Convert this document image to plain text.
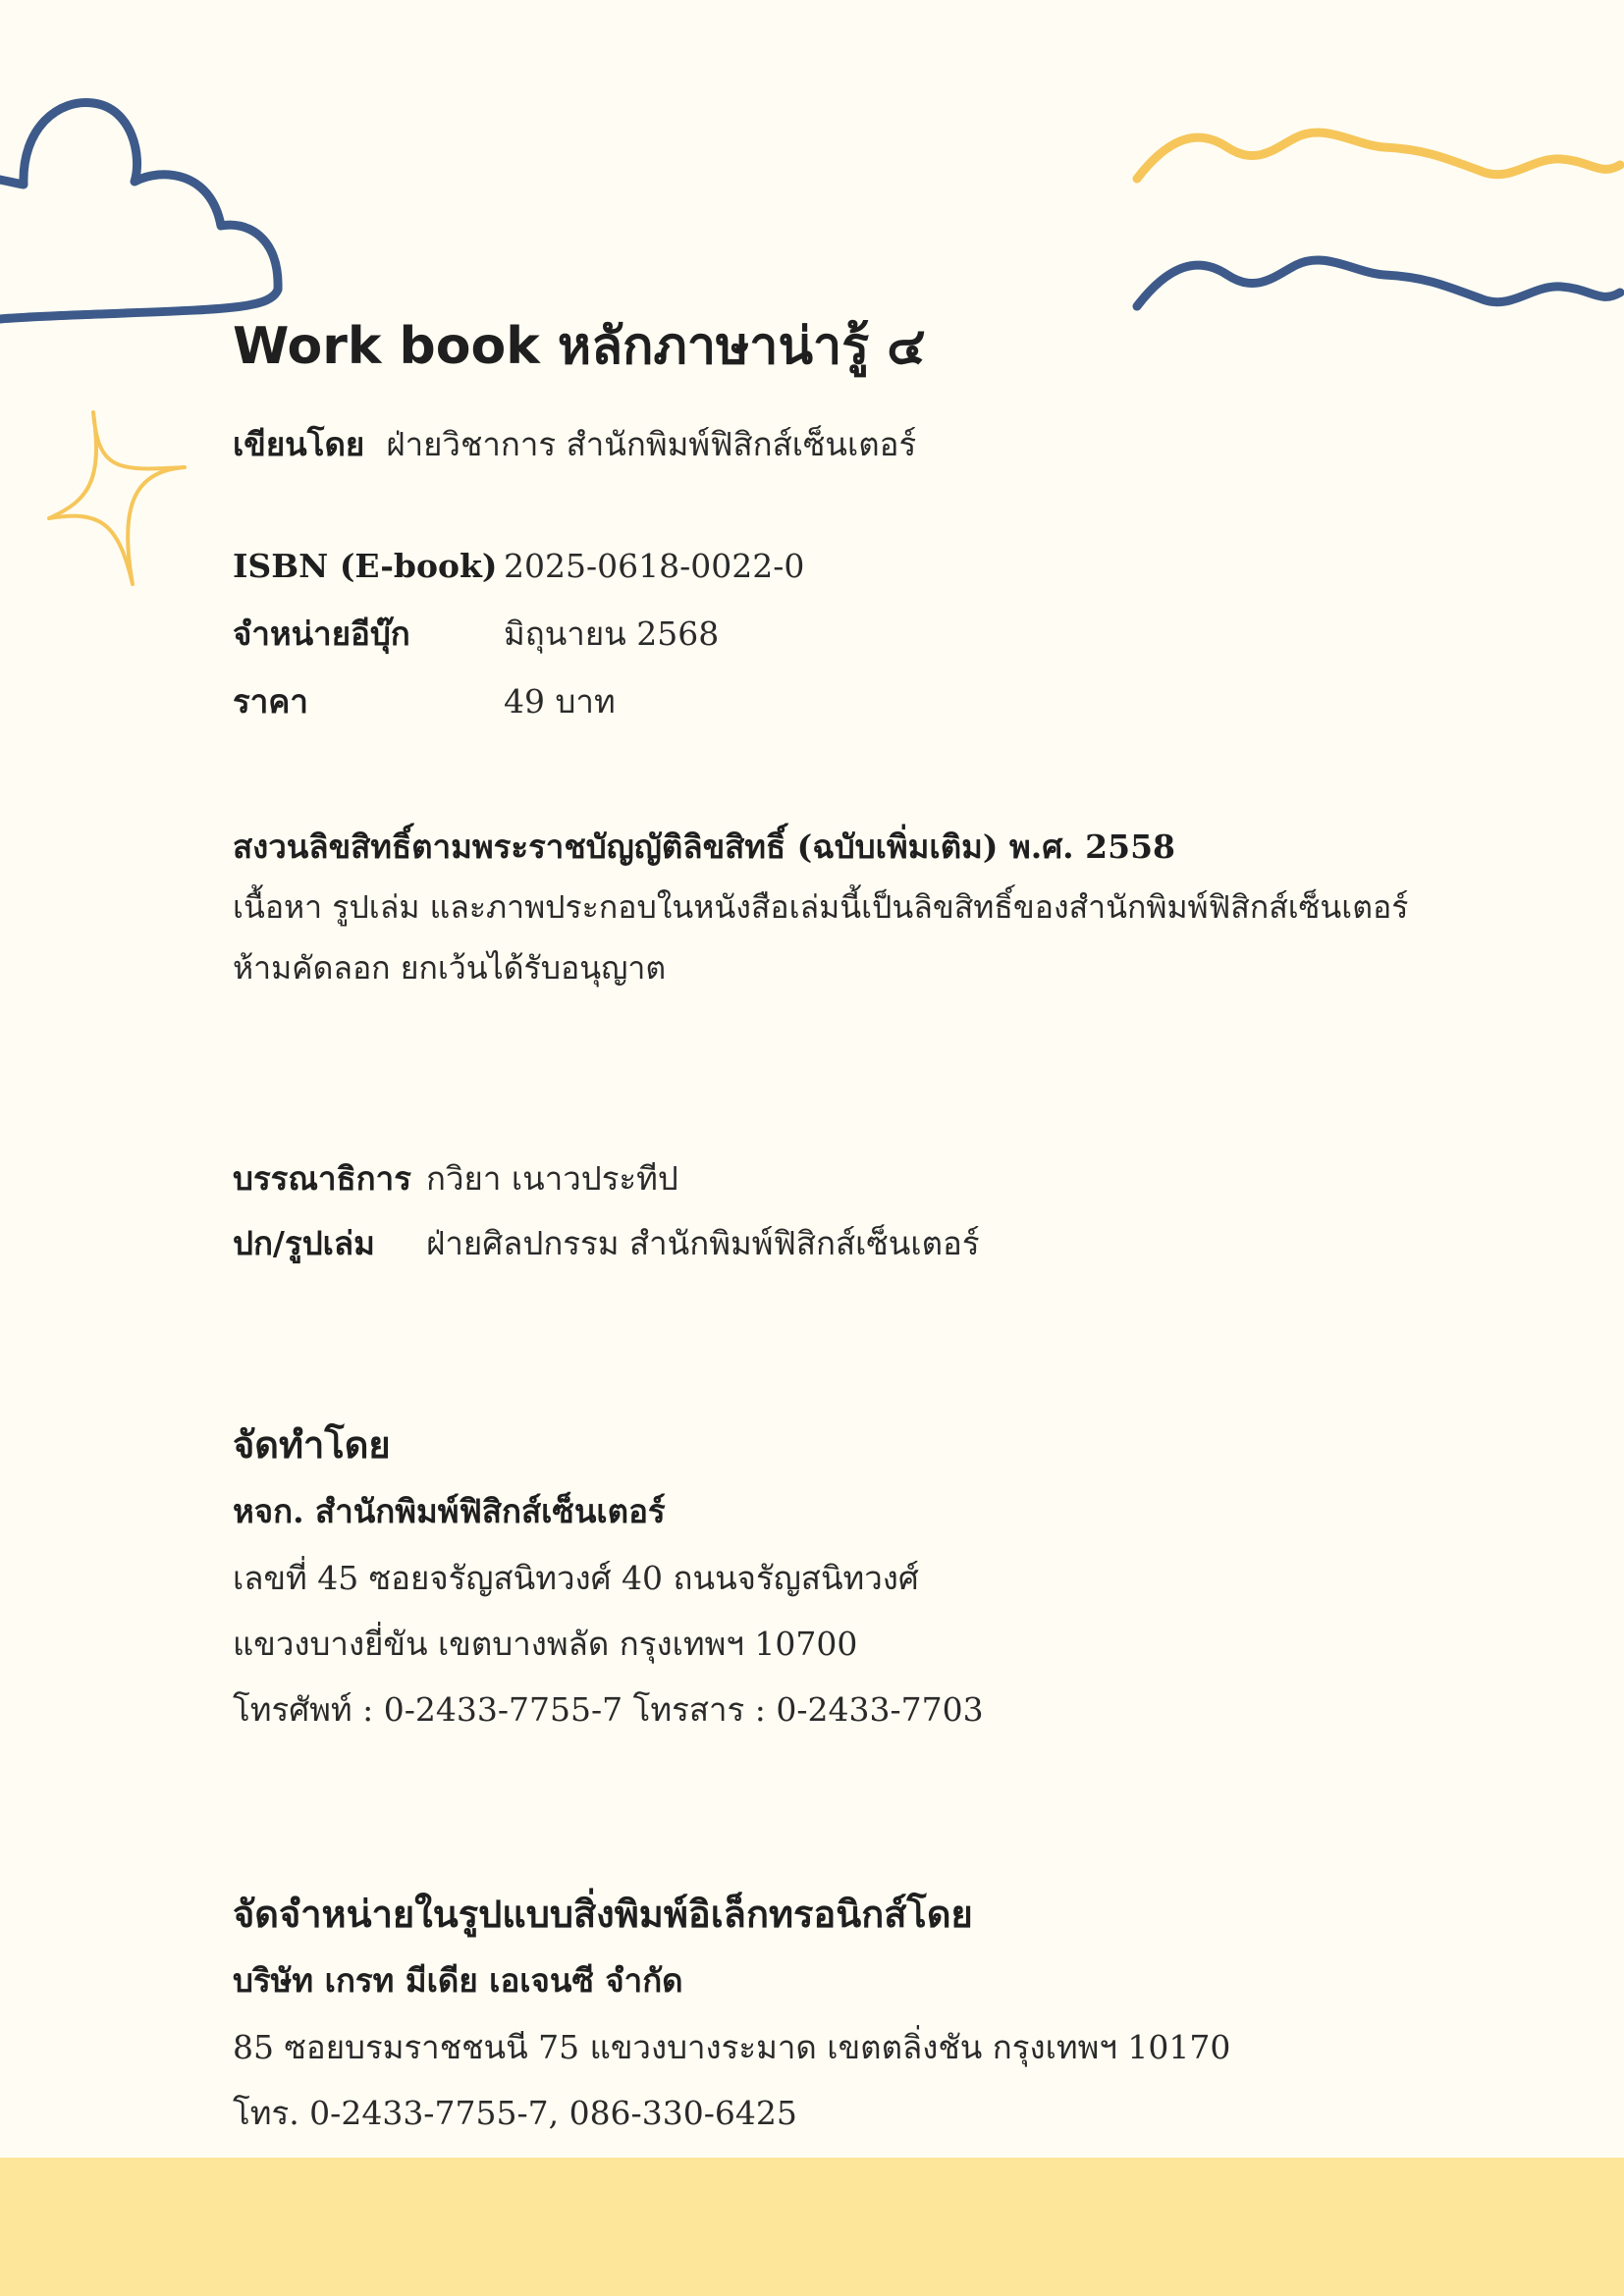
Work book หลักภาษาน่ารู้ ๔
เขียนโดย ฝ่ายวิชาการ สำนักพิมพ์ฟิสิกส์เซ็นเตอร์
ISBN (E-book) 2025-0618-0022-0
จำหน่ายอีบุ๊ก	มิถุนายน 2568
ราคา	49 บาท
สงวนลิขสิทธิ์ตามพระราชบัญญัติลิขสิทธิ์ (ฉบับเพิ่มเติม) พ.ศ. 2558
เนื้อหา รูปเล่ม และภาพประกอบในหนังสือเล่มนี้เป็นลิขสิทธิ์ของสำนักพิมพ์ฟิสิกส์เซ็นเตอร์
ห้ามคัดลอก ยกเว้นได้รับอนุญาต
บรรณาธิการ กวิยา เนาวประทีป
ปก/รูปเล่ม ฝ่ายศิลปกรรม สำนักพิมพ์ฟิสิกส์เซ็นเตอร์
จัดทำโดย
หจก. สำนักพิมพ์ฟิสิกส์เซ็นเตอร์
เลขที่ 45 ซอยจรัญสนิทวงศ์ 40 ถนนจรัญสนิทวงศ์
แขวงบางยี่ขัน เขตบางพลัด กรุงเทพฯ 10700
โทรศัพท์ : 0-2433-7755-7 โทรสาร : 0-2433-7703
จัดจำหน่ายในรูปแบบสิ่งพิมพ์อิเล็กทรอนิกส์โดย
บริษัท เกรท มีเดีย เอเจนซี จำกัด
85 ซอยบรมราชชนนี 75 แขวงบางระมาด เขตตลิ่งชัน กรุงเทพฯ 10170
โทร. 0-2433-7755-7, 086-330-6425
